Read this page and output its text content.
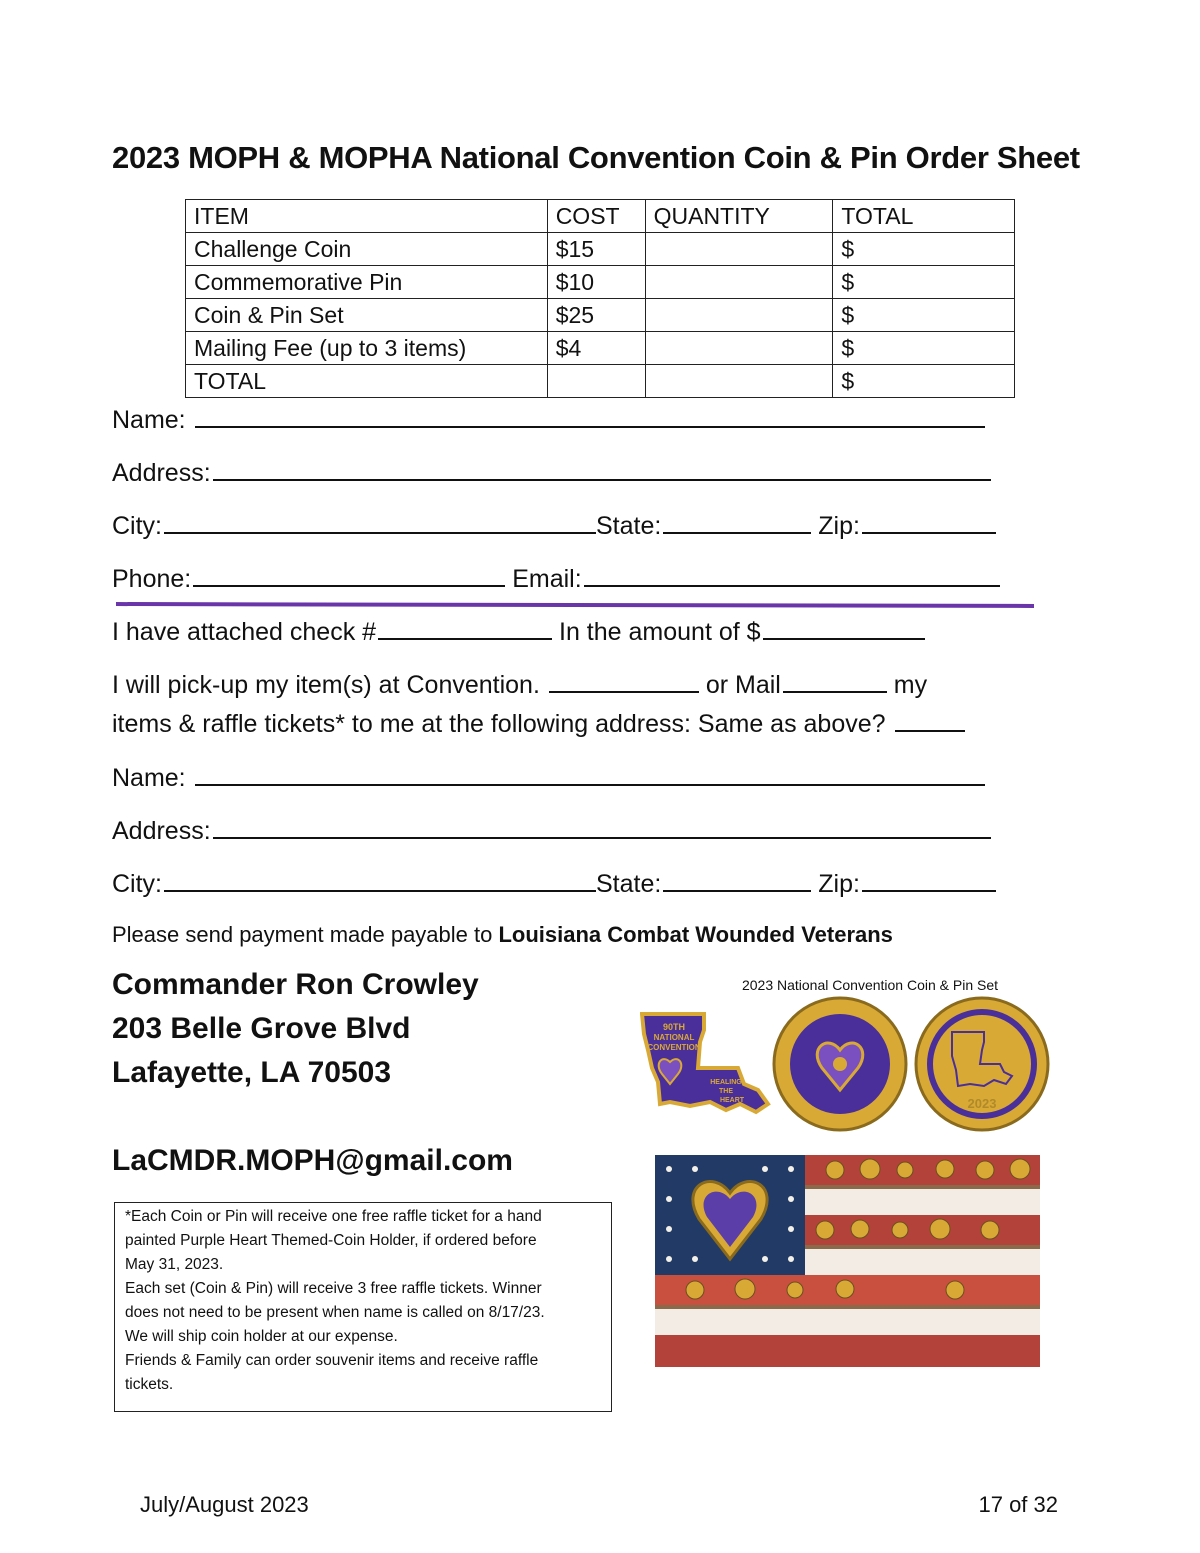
2023 MOPH & MOPHA National Convention Coin & Pin Order Sheet
ITEM	COST	QUANTITY	TOTAL
Challenge Coin	$15		$
Commemorative Pin	$10		$
Coin & Pin Set	$25		$
Mailing Fee (up to 3 items)	$4		$
TOTAL			$
Name:
Address:
City:	State:	Zip:
Phone:	Email:
I have attached check #	In the amount of $
I will pick-up my item(s) at Convention.	or Mail	my
items & raffle tickets* to me at the following address: Same as above?
Name:
Address:
City:	State:	Zip:
Please send payment made payable to Louisiana Combat Wounded Veterans
Commander Ron Crowley
203 Belle Grove Blvd
Lafayette, LA 70503
LaCMDR.MOPH@gmail.com
*Each Coin or Pin will receive one free raffle ticket for a hand
painted Purple Heart Themed-Coin Holder, if ordered before
May 31, 2023.
Each set (Coin & Pin) will receive 3 free raffle tickets. Winner
does not need to be present when name is called on 8/17/23.
We will ship coin holder at our expense.
Friends & Family can order souvenir items and receive raffle
tickets.
2023 National Convention Coin & Pin Set
90TH
NATIONAL
CONVENTION
HEALING
THE
HEART
2023	2023
July/August 2023	17 of 32
